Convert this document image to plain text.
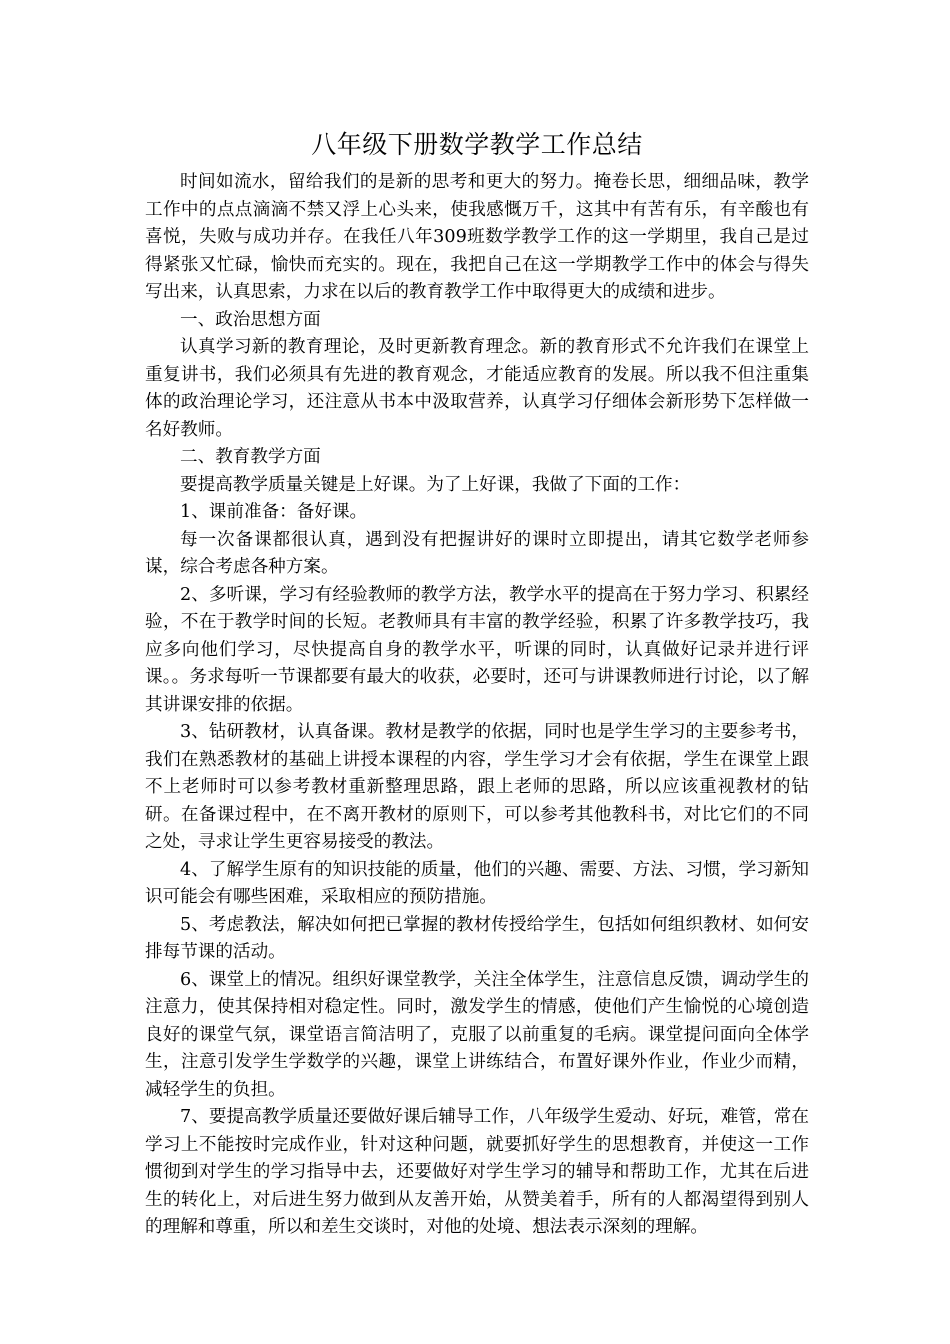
八年级下册数学教学工作总结

时间如流水，留给我们的是新的思考和更大的努力。掩卷长思，细细品味，教学工作中的点点滴滴不禁又浮上心头来，使我感慨万千，这其中有苦有乐，有辛酸也有喜悦，失败与成功并存。在我任八年309班数学教学工作的这一学期里，我自己是过得紧张又忙碌，愉快而充实的。现在，我把自己在这一学期教学工作中的体会与得失写出来，认真思索，力求在以后的教育教学工作中取得更大的成绩和进步。

一、政治思想方面

认真学习新的教育理论，及时更新教育理念。新的教育形式不允许我们在课堂上重复讲书，我们必须具有先进的教育观念，才能适应教育的发展。所以我不但注重集体的政治理论学习，还注意从书本中汲取营养，认真学习仔细体会新形势下怎样做一名好教师。

二、教育教学方面

要提高教学质量关键是上好课。为了上好课，我做了下面的工作：

1、课前准备：备好课。

每一次备课都很认真，遇到没有把握讲好的课时立即提出，请其它数学老师参谋，综合考虑各种方案。

2、多听课，学习有经验教师的教学方法，教学水平的提高在于努力学习、积累经验，不在于教学时间的长短。老教师具有丰富的教学经验，积累了许多教学技巧，我应多向他们学习，尽快提高自身的教学水平，听课的同时，认真做好记录并进行评课。。务求每听一节课都要有最大的收获，必要时，还可与讲课教师进行讨论，以了解其讲课安排的依据。

3、钻研教材，认真备课。教材是教学的依据，同时也是学生学习的主要参考书，我们在熟悉教材的基础上讲授本课程的内容，学生学习才会有依据，学生在课堂上跟不上老师时可以参考教材重新整理思路，跟上老师的思路，所以应该重视教材的钻研。在备课过程中，在不离开教材的原则下，可以参考其他教科书，对比它们的不同之处，寻求让学生更容易接受的教法。

4、了解学生原有的知识技能的质量，他们的兴趣、需要、方法、习惯，学习新知识可能会有哪些困难，采取相应的预防措施。

5、考虑教法，解决如何把已掌握的教材传授给学生，包括如何组织教材、如何安排每节课的活动。

6、课堂上的情况。组织好课堂教学，关注全体学生，注意信息反馈，调动学生的注意力，使其保持相对稳定性。同时，激发学生的情感，使他们产生愉悦的心境创造良好的课堂气氛，课堂语言简洁明了，克服了以前重复的毛病。课堂提问面向全体学生，注意引发学生学数学的兴趣，课堂上讲练结合，布置好课外作业，作业少而精，减轻学生的负担。

7、要提高教学质量还要做好课后辅导工作，八年级学生爱动、好玩，难管，常在学习上不能按时完成作业，针对这种问题，就要抓好学生的思想教育，并使这一工作惯彻到对学生的学习指导中去，还要做好对学生学习的辅导和帮助工作，尤其在后进生的转化上，对后进生努力做到从友善开始，从赞美着手，所有的人都渴望得到别人的理解和尊重，所以和差生交谈时，对他的处境、想法表示深刻的理解。
